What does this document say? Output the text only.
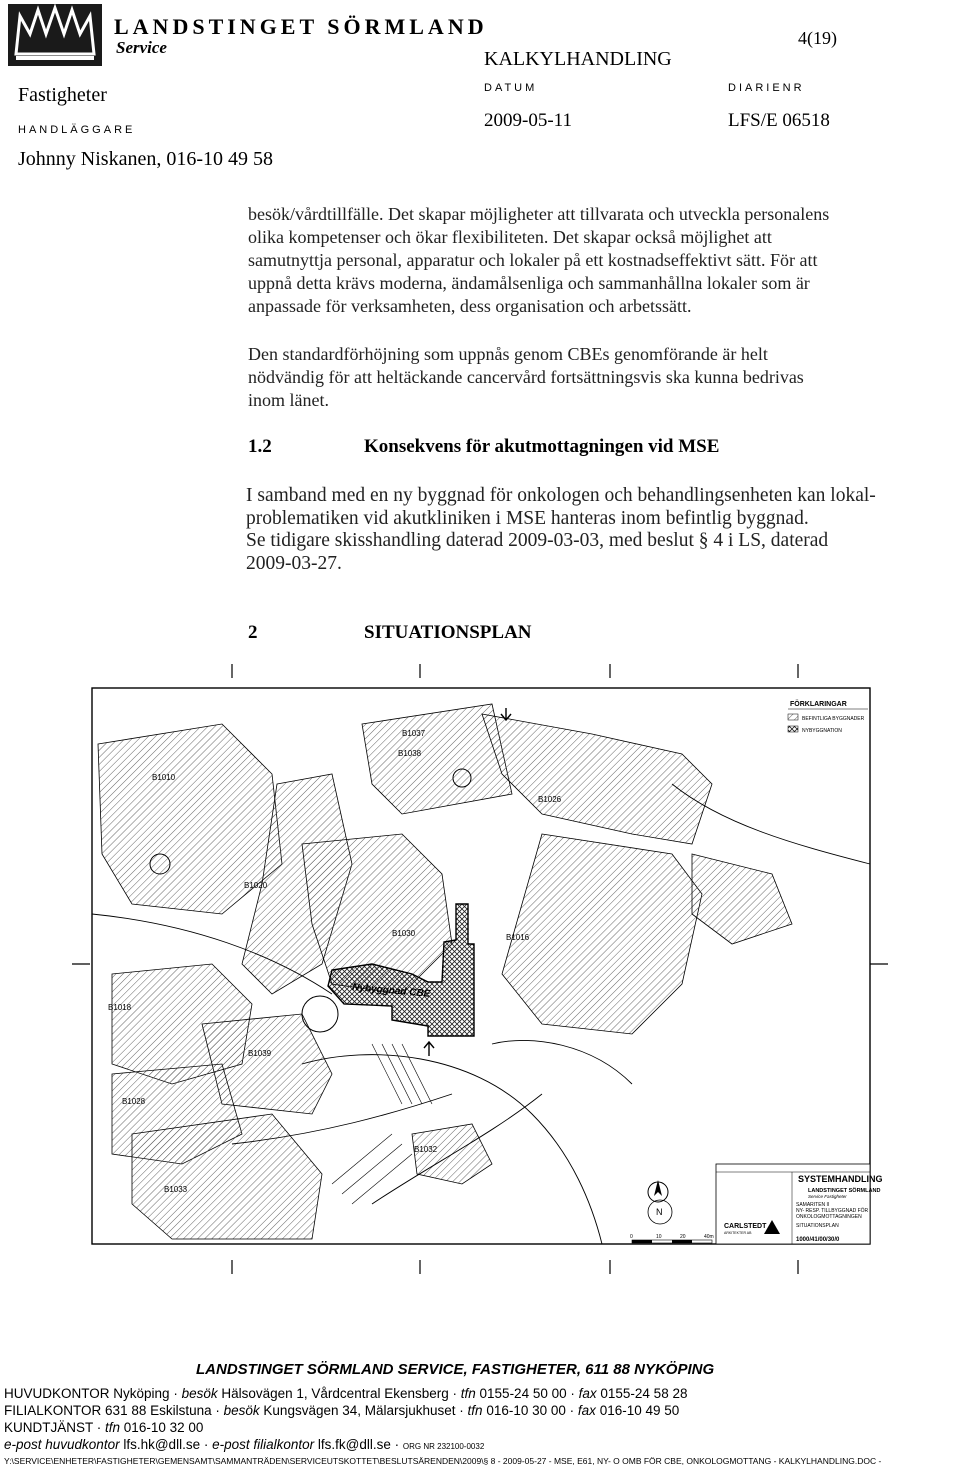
LANDSTINGET SÖRMLAND
Service	4(19)
KALKYLHANDLING
Fastigheter	DATUM	DIARIENR
HANDLÄGGARE	2009-05-11	LFS/E 06518
Johnny Niskanen, 016-10 49 58

besök/vårdtillfälle. Det skapar möjligheter att tillvarata och utveckla personalens

olika kompetenser och ökar flexibiliteten. Det skapar också möjlighet att

samutnyttja personal, apparatur och lokaler på ett kostnadseffektivt sätt. För att

uppnå detta krävs moderna, ändamålsenliga och sammanhållna lokaler som är

anpassade för verksamheten, dess organisation och arbetssätt.

Den standardförhöjning som uppnås genom CBEs genomförande är helt

nödvändig för att heltäckande cancervård fortsättningsvis ska kunna bedrivas

inom länet.

1.2	Konsekvens för akutmottagningen vid MSE

I samband med en ny byggnad för onkologen och behandlingsenheten kan lokal-

problematiken vid akutkliniken i MSE hanteras inom befintlig byggnad.

Se tidigare skisshandling daterad 2009-03-03, med beslut § 4 i LS, daterad

2009-03-27.

2	SITUATIONSPLAN
Nybyggnad CBE
B1037
B1038
B1010
B1026
B1020
B1030	B1016
B1018
B1039
B1028
B1032
B1033
FÖRKLARINGAR
BEFINTLIGA BYGGNADER
NYBYGGNATION
N
0	10	20	40m
SYSTEMHANDLING
LANDSTINGET SÖRMLAND
Service Fastigheter
SAMARITEN II
NY- RESP. TILLBYGGNAD FÖR
ONKOLOGMOTTAGNINGEN
CARLSTEDT
ARKITEKTER AB
SITUATIONSPLAN
1000/41/00/30/0
LANDSTINGET SÖRMLAND SERVICE, FASTIGHETER, 611 88 NYKÖPING
HUVUDKONTOR Nyköping · besök Hälsovägen 1, Vårdcentral Ekensberg · tfn 0155-24 50 00 · fax 0155-24 58 28
FILIALKONTOR 631 88 Eskilstuna · besök Kungsvägen 34, Mälarsjukhuset · tfn 016-10 30 00 · fax 016-10 49 50
KUNDTJÄNST · tfn 016-10 32 00
e-post huvudkontor lfs.hk@dll.se · e-post filialkontor lfs.fk@dll.se · ORG NR 232100-0032
Y:\SERVICE\ENHETER\FASTIGHETER\GEMENSAMT\SAMMANTRÄDEN\SERVICEUTSKOTTET\BESLUTSÄRENDEN\2009\§ 8 - 2009-05-27 - MSE, E61, NY- O OMB FÖR CBE, ONKOLOGMOTTANG - KALKYLHANDLING.DOC -
